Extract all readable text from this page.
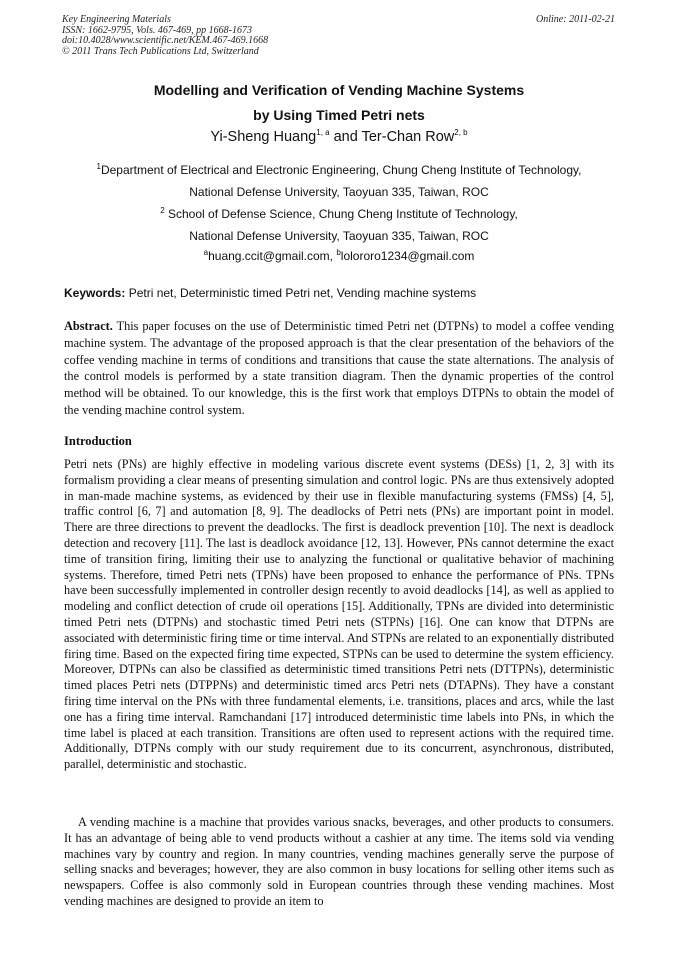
Key Engineering Materials
ISSN: 1662-9795, Vols. 467-469, pp 1668-1673
doi:10.4028/www.scientific.net/KEM.467-469.1668
© 2011 Trans Tech Publications Ltd, Switzerland
Online: 2011-02-21
Modelling and Verification of Vending Machine Systems
by Using Timed Petri nets
Yi-Sheng Huang$^{1, a}$ and Ter-Chan Row$^{2, b}$
$^1$Department of Electrical and Electronic Engineering, Chung Cheng Institute of Technology,
National Defense University, Taoyuan 335, Taiwan, ROC
$^2$ School of Defense Science, Chung Cheng Institute of Technology,
National Defense University, Taoyuan 335, Taiwan, ROC
$^a$huang.ccit@gmail.com, $^b$lolororo1234@gmail.com
Keywords: Petri net, Deterministic timed Petri net, Vending machine systems

Abstract. This paper focuses on the use of Deterministic timed Petri net (DTPNs) to model a coffee vending machine system. The advantage of the proposed approach is that the clear presentation of the behaviors of the coffee vending machine in terms of conditions and transitions that cause the state alternations. The analysis of the control models is performed by a state transition diagram. Then the dynamic properties of the control method will be obtained. To our knowledge, this is the first work that employs DTPNs to obtain the model of the vending machine control system.

Introduction

Petri nets (PNs) are highly effective in modeling various discrete event systems (DESs) [1, 2, 3] with its formalism providing a clear means of presenting simulation and control logic. PNs are thus extensively adopted in man-made machine systems, as evidenced by their use in flexible manufacturing systems (FMSs) [4, 5], traffic control [6, 7] and automation [8, 9]. The deadlocks of Petri nets (PNs) are important point in model. There are three directions to prevent the deadlocks. The first is deadlock prevention [10]. The next is deadlock detection and recovery [11]. The last is deadlock avoidance [12, 13]. However, PNs cannot determine the exact time of transition firing, limiting their use to analyzing the functional or qualitative behavior of machining systems. Therefore, timed Petri nets (TPNs) have been proposed to enhance the performance of PNs. TPNs have been successfully implemented in controller design recently to avoid deadlocks [14], as well as applied to modeling and conflict detection of crude oil operations [15]. Additionally, TPNs are divided into deterministic timed Petri nets (DTPNs) and stochastic timed Petri nets (STPNs) [16]. One can know that DTPNs are associated with deterministic firing time or time interval. And STPNs are related to an exponentially distributed firing time. Based on the expected firing time expected, STPNs can be used to determine the system efficiency. Moreover, DTPNs can also be classified as deterministic timed transitions Petri nets (DTTPNs), deterministic timed places Petri nets (DTPPNs) and deterministic timed arcs Petri nets (DTAPNs). They have a constant firing time interval on the PNs with three fundamental elements, i.e. transitions, places and arcs, while the last one has a firing time interval. Ramchandani [17] introduced deterministic time labels into PNs, in which the time label is placed at each transition. Transitions are often used to represent actions with the required time. Additionally, DTPNs comply with our study requirement due to its concurrent, asynchronous, distributed, parallel, deterministic and stochastic.

A vending machine is a machine that provides various snacks, beverages, and other products to consumers. It has an advantage of being able to vend products without a cashier at any time. The items sold via vending machines vary by country and region. In many countries, vending machines generally serve the purpose of selling snacks and beverages; however, they are also common in busy locations for selling other items such as newspapers. Coffee is also commonly sold in European countries through these vending machines. Most vending machines are designed to provide an item to
